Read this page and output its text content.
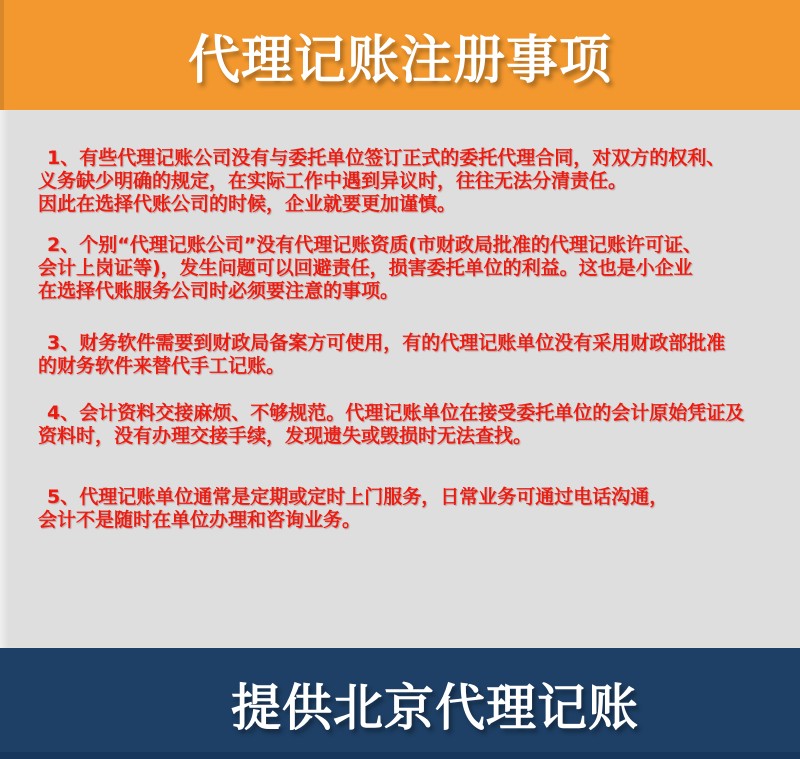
代理记账注册事项
1、有些代理记账公司没有与委托单位签订正式的委托代理合同，对双方的权利、
义务缺少明确的规定，在实际工作中遇到异议时，往往无法分清责任。
因此在选择代账公司的时候，企业就要更加谨慎。
2、个别“代理记账公司”没有代理记账资质(市财政局批准的代理记账许可证、
会计上岗证等)，发生问题可以回避责任，损害委托单位的利益。这也是小企业
在选择代账服务公司时必须要注意的事项。
3、财务软件需要到财政局备案方可使用，有的代理记账单位没有采用财政部批准
的财务软件来替代手工记账。
4、会计资料交接麻烦、不够规范。代理记账单位在接受委托单位的会计原始凭证及
资料时，没有办理交接手续，发现遗失或毁损时无法查找。
5、代理记账单位通常是定期或定时上门服务，日常业务可通过电话沟通，
会计不是随时在单位办理和咨询业务。
提供北京代理记账
